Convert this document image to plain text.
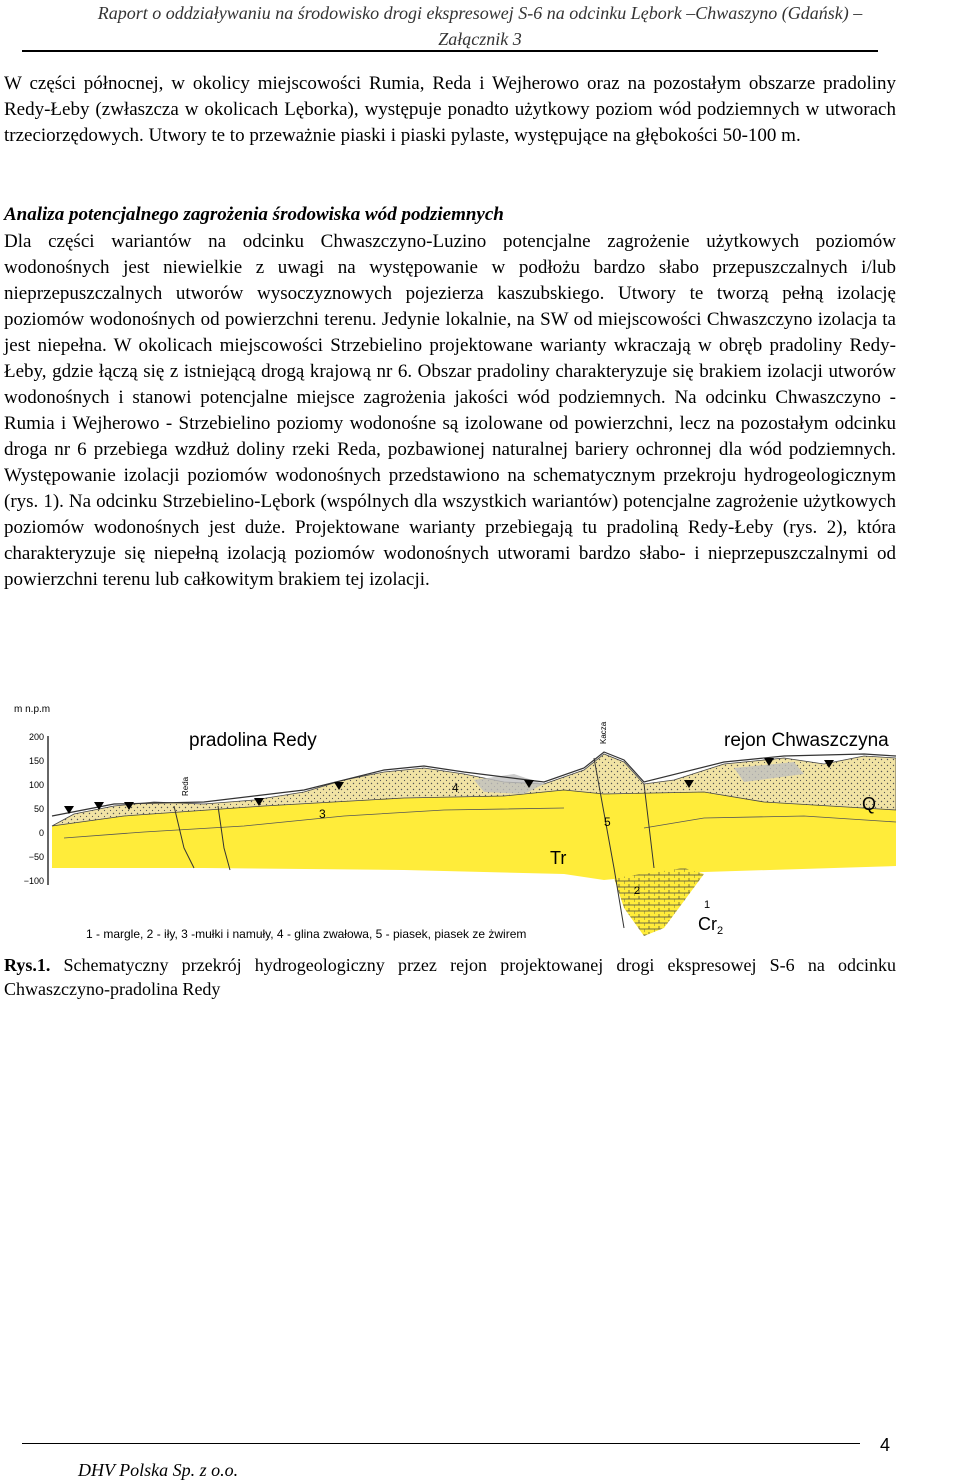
Raport o oddziaływaniu na środowisko drogi ekspresowej S-6 na odcinku Lębork –Chwaszyno (Gdańsk) –
Załącznik 3

W części północnej, w okolicy miejscowości Rumia, Reda i Wejherowo oraz na pozostałym obszarze pradoliny Redy-Łeby (zwłaszcza w okolicach Lęborka), występuje ponadto użytkowy poziom wód podziemnych w utworach trzeciorzędowych. Utwory te to przeważnie piaski i piaski pylaste, występujące na głębokości 50-100 m.

Analiza potencjalnego zagrożenia środowiska wód podziemnych

Dla części wariantów na odcinku Chwaszczyno-Luzino potencjalne zagrożenie użytkowych poziomów wodonośnych jest niewielkie z uwagi na występowanie w podłożu bardzo słabo przepuszczalnych i/lub nieprzepuszczalnych utworów wysoczyznowych pojezierza kaszubskiego. Utwory te tworzą pełną izolację poziomów wodonośnych od powierzchni terenu. Jedynie lokalnie, na SW od miejscowości Chwaszczyno izolacja ta jest niepełna. W okolicach miejscowości Strzebielino projektowane warianty wkraczają w obręb pradoliny Redy-Łeby, gdzie łączą się z istniejącą drogą krajową nr 6. Obszar pradoliny charakteryzuje się brakiem izolacji utworów wodonośnych i stanowi potencjalne miejsce zagrożenia jakości wód podziemnych. Na odcinku Chwaszczyno - Rumia i Wejherowo - Strzebielino poziomy wodonośne są izolowane od powierzchni, lecz na pozostałym odcinku droga nr 6 przebiega wzdłuż doliny rzeki Reda, pozbawionej naturalnej bariery ochronnej dla wód podziemnych. Występowanie izolacji poziomów wodonośnych przedstawiono na schematycznym przekroju hydrogeologicznym (rys. 1). Na odcinku Strzebielino-Lębork (wspólnych dla wszystkich wariantów) potencjalne zagrożenie użytkowych poziomów wodonośnych jest duże. Projektowane warianty przebiegają tu pradoliną Redy-Łeby (rys. 2), która charakteryzuje się niepełną izolacją poziomów wodonośnych utworami bardzo słabo- i nieprzepuszczalnymi od powierzchni terenu lub całkowitym brakiem tej izolacji.

m n.p.m
200
150
100
50
0
−50
−100
pradolina Redy	rejon Chwaszczyna
Reda
Kacza
Tr
Q
$Cr_2$
1
2
3
4
5
1 - margle, 2 - iły, 3 -mułki i namuły, 4 - glina zwałowa, 5 - piasek, piasek ze żwirem

Rys.1. Schematyczny przekrój hydrogeologiczny przez rejon projektowanej drogi ekspresowej S-6 na odcinku Chwaszczyno-pradolina Redy

4
DHV Polska Sp. z o.o.
